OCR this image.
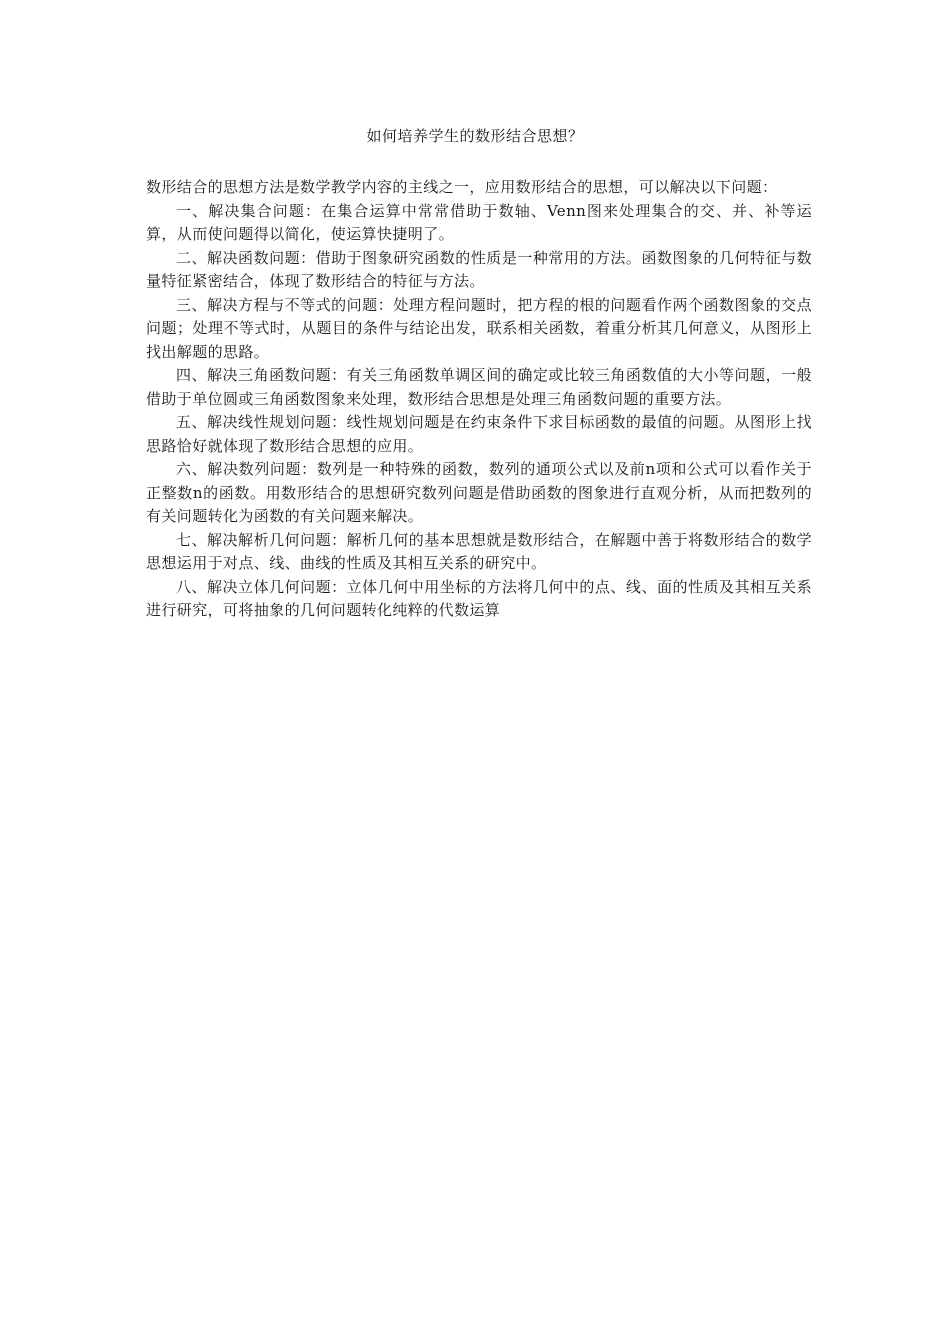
如何培养学生的数形结合思想？

数形结合的思想方法是数学教学内容的主线之一，应用数形结合的思想，可以解决以下问题：

一、解决集合问题：在集合运算中常常借助于数轴、Venn图来处理集合的交、并、补等运算，从而使问题得以简化，使运算快捷明了。

二、解决函数问题：借助于图象研究函数的性质是一种常用的方法。函数图象的几何特征与数量特征紧密结合，体现了数形结合的特征与方法。

三、解决方程与不等式的问题：处理方程问题时，把方程的根的问题看作两个函数图象的交点问题；处理不等式时，从题目的条件与结论出发，联系相关函数，着重分析其几何意义，从图形上找出解题的思路。

四、解决三角函数问题：有关三角函数单调区间的确定或比较三角函数值的大小等问题，一般借助于单位圆或三角函数图象来处理，数形结合思想是处理三角函数问题的重要方法。

五、解决线性规划问题：线性规划问题是在约束条件下求目标函数的最值的问题。从图形上找思路恰好就体现了数形结合思想的应用。

六、解决数列问题：数列是一种特殊的函数，数列的通项公式以及前n项和公式可以看作关于正整数n的函数。用数形结合的思想研究数列问题是借助函数的图象进行直观分析，从而把数列的有关问题转化为函数的有关问题来解决。

七、解决解析几何问题：解析几何的基本思想就是数形结合，在解题中善于将数形结合的数学思想运用于对点、线、曲线的性质及其相互关系的研究中。

八、解决立体几何问题：立体几何中用坐标的方法将几何中的点、线、面的性质及其相互关系进行研究，可将抽象的几何问题转化纯粹的代数运算
